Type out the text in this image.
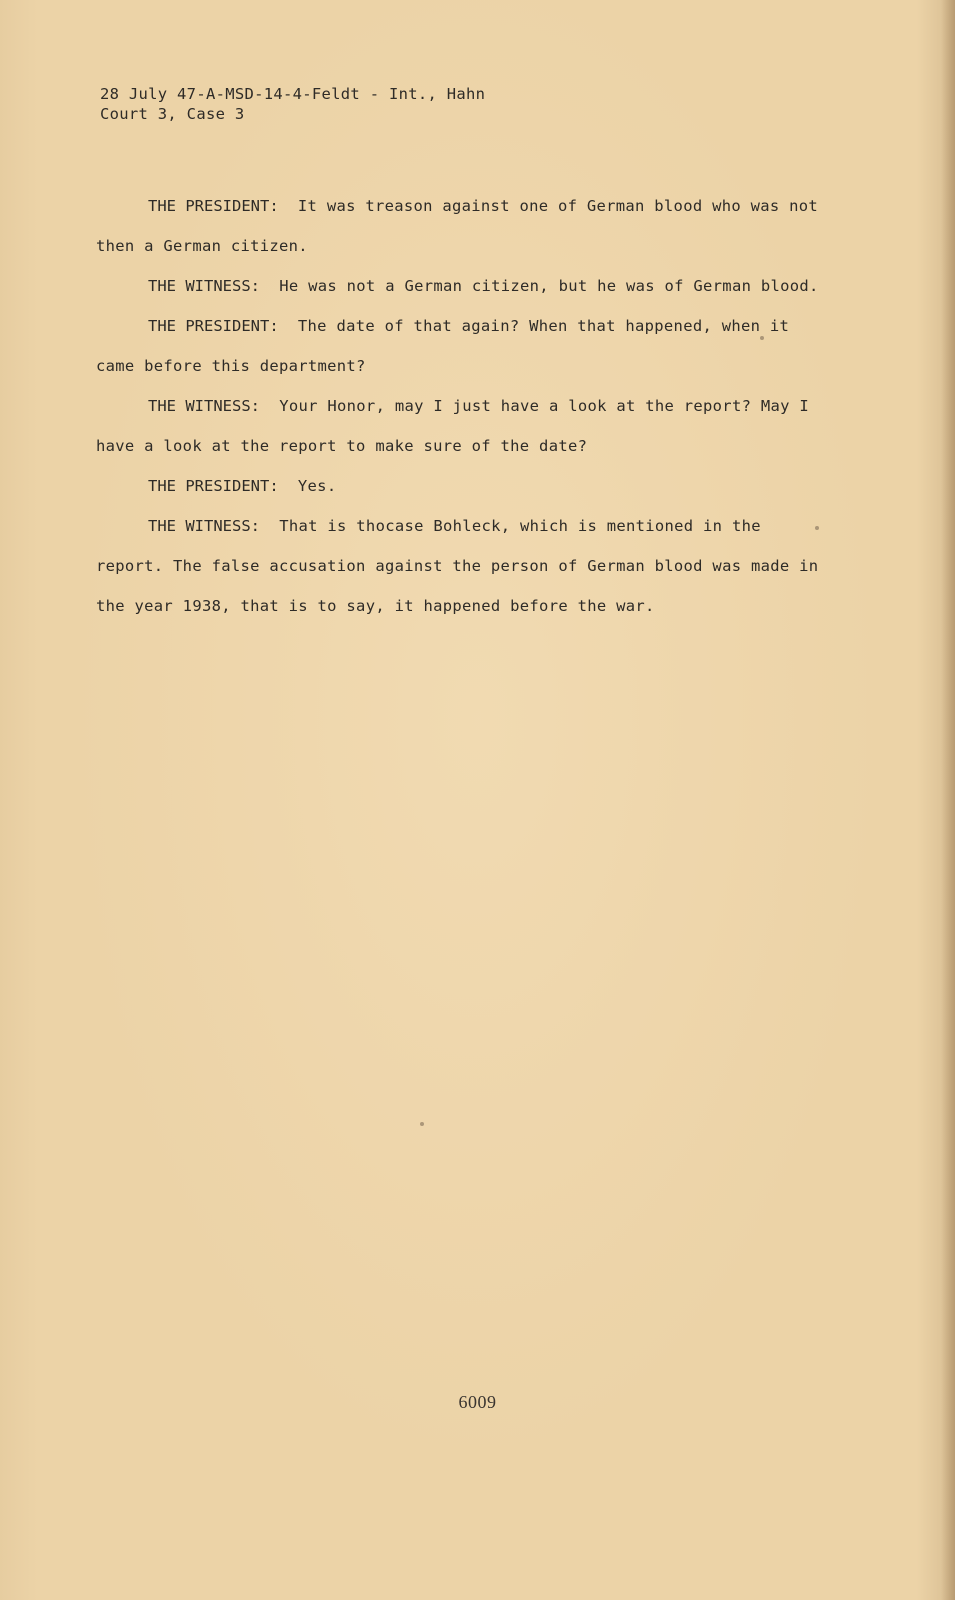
28 July 47-A-MSD-14-4-Feldt - Int., Hahn
Court 3, Case 3

THE PRESIDENT: It was treason against one of German blood who was not then a German citizen.

THE WITNESS: He was not a German citizen, but he was of German blood.

THE PRESIDENT: The date of that again? When that happened, when it came before this department?

THE WITNESS: Your Honor, may I just have a look at the report? May I have a look at the report to make sure of the date?

THE PRESIDENT: Yes.

THE WITNESS: That is thocase Bohleck, which is mentioned in the report. The false accusation against the person of German blood was made in the year 1938, that is to say, it happened before the war.

6009
